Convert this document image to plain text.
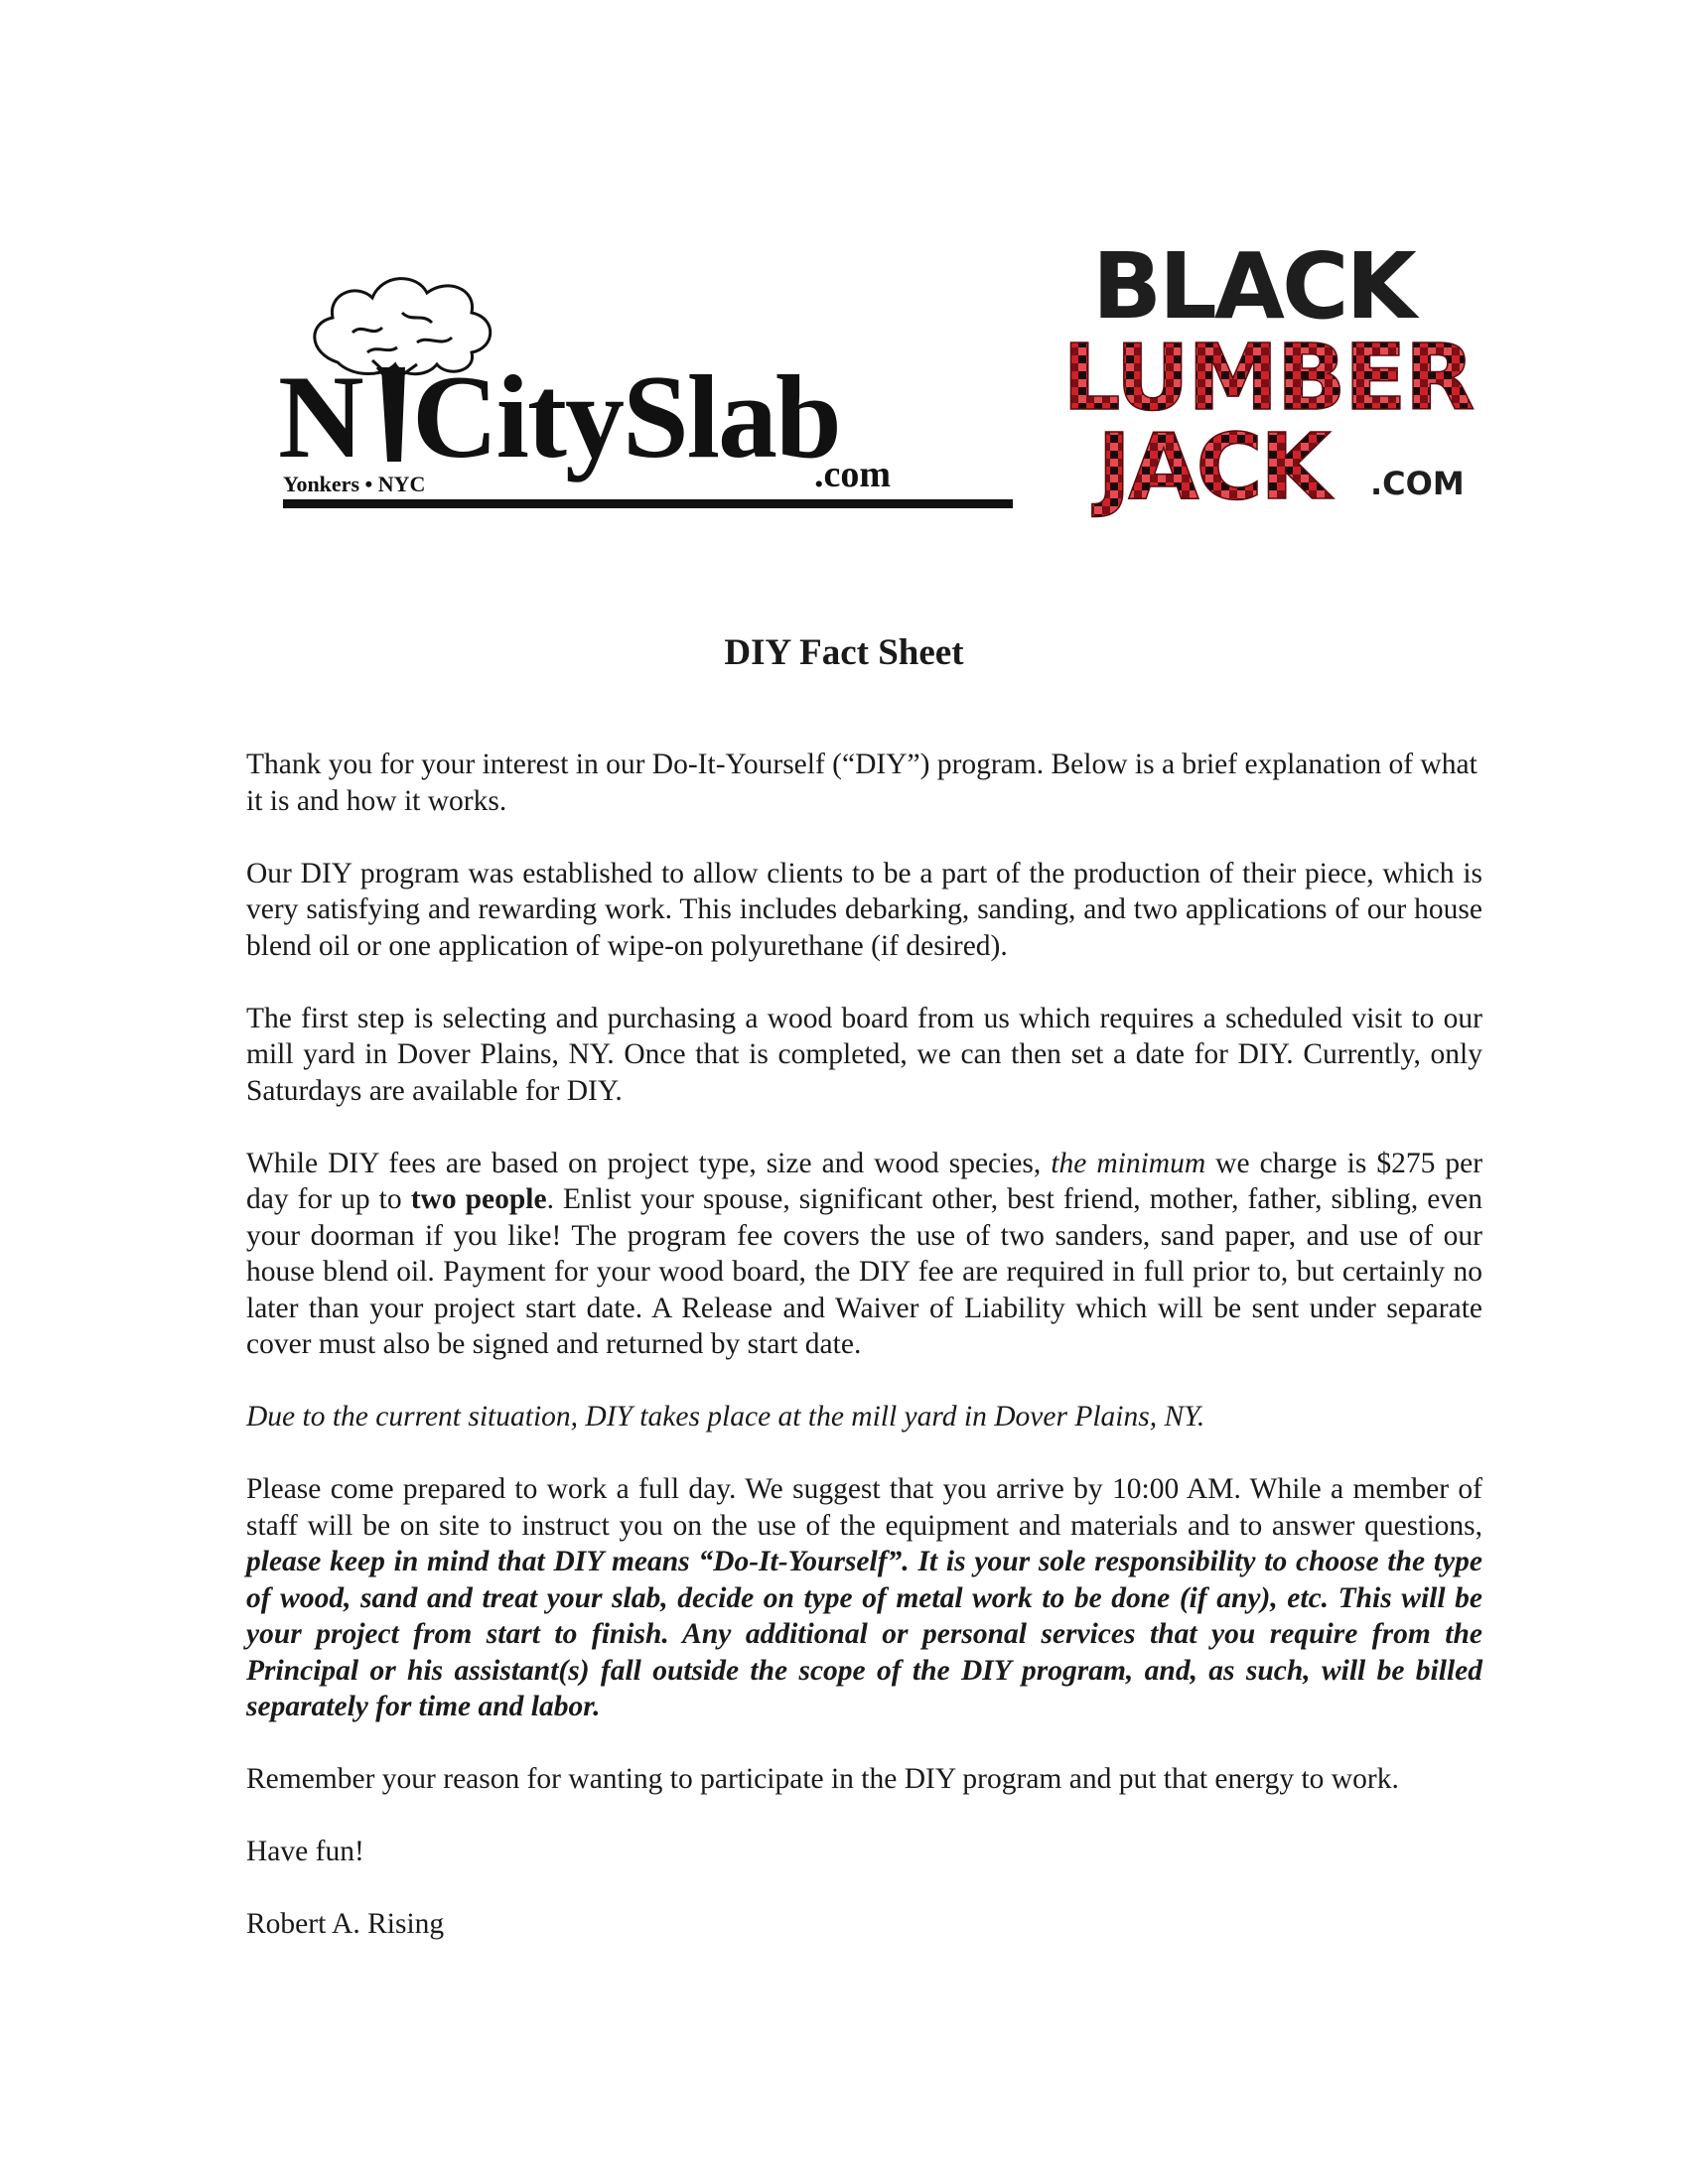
N CitySlab
Yonkers • NYC	.com
BLACK
LUMBER
JACK .COM
DIY Fact Sheet

Thank you for your interest in our Do-It-Yourself (“DIY”) program. Below is a brief explanation of what it is and how it works.

Our DIY program was established to allow clients to be a part of the production of their piece, which is very satisfying and rewarding work. This includes debarking, sanding, and two applications of our house blend oil or one application of wipe-on polyurethane (if desired).

The first step is selecting and purchasing a wood board from us which requires a scheduled visit to our mill yard in Dover Plains, NY. Once that is completed, we can then set a date for DIY. Currently, only Saturdays are available for DIY.

While DIY fees are based on project type, size and wood species, the minimum we charge is $275 per day for up to two people. Enlist your spouse, significant other, best friend, mother, father, sibling, even your doorman if you like! The program fee covers the use of two sanders, sand paper, and use of our house blend oil. Payment for your wood board, the DIY fee are required in full prior to, but certainly no later than your project start date. A Release and Waiver of Liability which will be sent under separate cover must also be signed and returned by start date.

Due to the current situation, DIY takes place at the mill yard in Dover Plains, NY.

Please come prepared to work a full day. We suggest that you arrive by 10:00 AM. While a member of staff will be on site to instruct you on the use of the equipment and materials and to answer questions, please keep in mind that DIY means “Do-It-Yourself”. It is your sole responsibility to choose the type of wood, sand and treat your slab, decide on type of metal work to be done (if any), etc. This will be your project from start to finish. Any additional or personal services that you require from the Principal or his assistant(s) fall outside the scope of the DIY program, and, as such, will be billed separately for time and labor.

Remember your reason for wanting to participate in the DIY program and put that energy to work.

Have fun!

Robert A. Rising
